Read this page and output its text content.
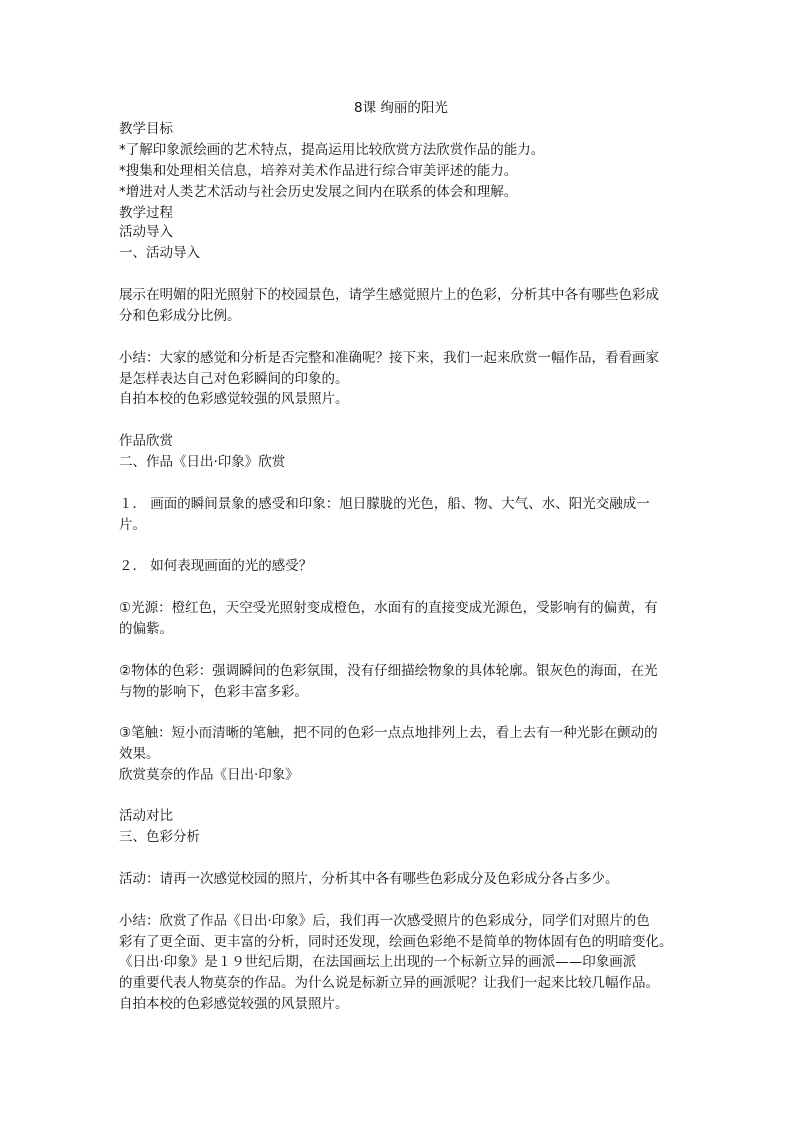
8课 绚丽的阳光
教学目标
*了解印象派绘画的艺术特点，提高运用比较欣赏方法欣赏作品的能力。
*搜集和处理相关信息，培养对美术作品进行综合审美评述的能力。
*增进对人类艺术活动与社会历史发展之间内在联系的体会和理解。
教学过程
活动导入
一、活动导入
展示在明媚的阳光照射下的校园景色，请学生感觉照片上的色彩，分析其中各有哪些色彩成
分和色彩成分比例。
小结：大家的感觉和分析是否完整和准确呢？接下来，我们一起来欣赏一幅作品，看看画家
是怎样表达自己对色彩瞬间的印象的。
自拍本校的色彩感觉较强的风景照片。
作品欣赏
二、作品《日出·印象》欣赏
１． 画面的瞬间景象的感受和印象：旭日朦胧的光色，船、物、大气、水、阳光交融成一
片。
２． 如何表现画面的光的感受？
①光源：橙红色，天空受光照射变成橙色，水面有的直接变成光源色，受影响有的偏黄，有
的偏紫。
②物体的色彩：强调瞬间的色彩氛围，没有仔细描绘物象的具体轮廓。银灰色的海面，在光
与物的影响下，色彩丰富多彩。
③笔触：短小而清晰的笔触，把不同的色彩一点点地排列上去，看上去有一种光影在颤动的
效果。
欣赏莫奈的作品《日出·印象》
活动对比
三、色彩分析
活动：请再一次感觉校园的照片，分析其中各有哪些色彩成分及色彩成分各占多少。
小结：欣赏了作品《日出·印象》后，我们再一次感受照片的色彩成分，同学们对照片的色
彩有了更全面、更丰富的分析，同时还发现，绘画色彩绝不是简单的物体固有色的明暗变化。
《日出·印象》是１９世纪后期，在法国画坛上出现的一个标新立异的画派——印象画派
的重要代表人物莫奈的作品。为什么说是标新立异的画派呢？让我们一起来比较几幅作品。
自拍本校的色彩感觉较强的风景照片。
